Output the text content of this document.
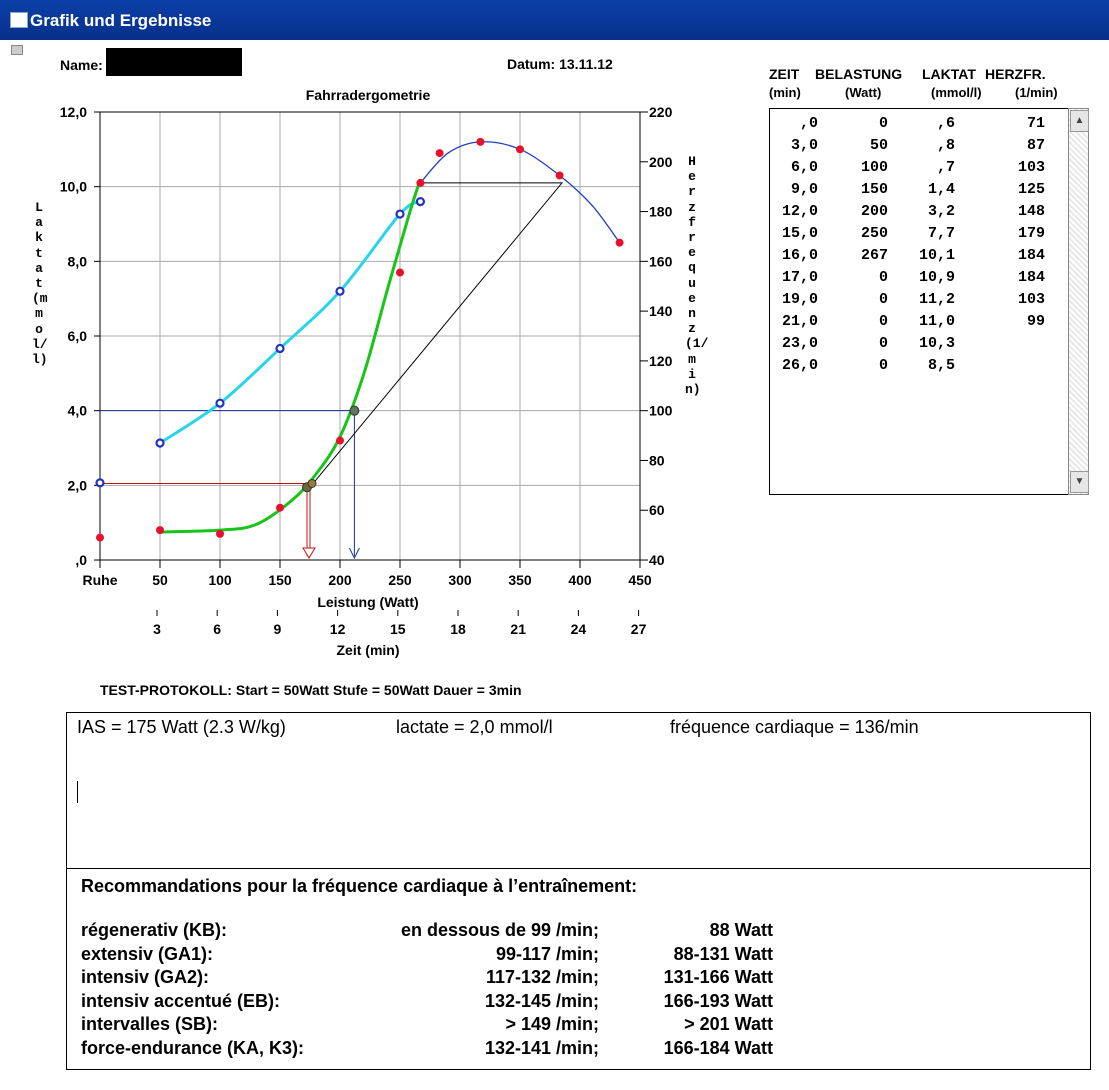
Grafik und Ergebnisse
Name:	Datum: 13.11.12
Fahrradergometrie
12,0
10,0
8,0
6,0
4,0
2,0
,0
220
200
180
160
140
120
100
80
60
40
Ruhe 50	100	150	200	250	300	350	400	450
Leistung (Watt)
3	6	9	12	15	18	21	24	27
Zeit (min)
Laktat (mmol/l)
Herzfrequenz (1/min)
ZEIT BELASTUNG LAKTAT HERZFR.
(min)	(Watt)	(mmol/l)	(1/min)
,0	0	,6	71
3,0	50	,8	87
6,0	100	,7	103
9,0	150	1,4	125
12,0	200	3,2	148
15,0	250	7,7	179
16,0	267 10,1	184
17,0	0 10,9	184
19,0	0 11,2	103
21,0	0 11,0	99
23,0	0 10,3
26,0	0	8,5
▲
▼
TEST-PROTOKOLL: Start = 50Watt Stufe = 50Watt Dauer = 3min
IAS = 175 Watt (2.3 W/kg)	lactate = 2,0 mmol/l	fréquence cardiaque = 136/min
Recommandations pour la fréquence cardiaque à l’entraînement:
régenerativ (KB):	en dessous de 99 /min;	88 Watt
extensiv (GA1):	99-117 /min;	88-131 Watt
intensiv (GA2):	117-132 /min;	131-166 Watt
intensiv accentué (EB):	132-145 /min;	166-193 Watt
intervalles (SB):	> 149 /min;	> 201 Watt
force-endurance (KA, K3):	132-141 /min;	166-184 Watt
